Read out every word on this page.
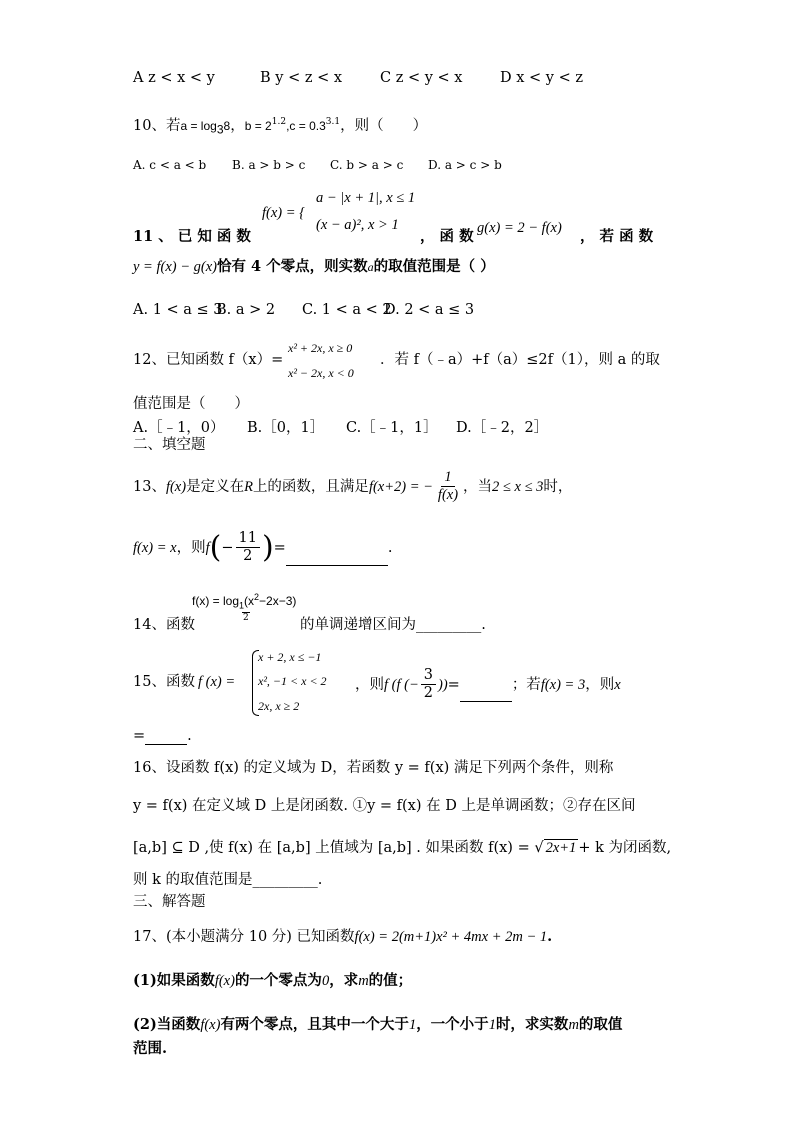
A z < x < y	B y < z < x	C z < y < x	D x < y < z
10、若$a = \log_38$，$b = 2^{1.2},c = 0.3^{3.1}$，则（　　）
A. c < a < b B. a > b > c C. b > a > c D. a > c > b
f(x) = {
a − |x + 1|, x ≤ 1
(x − a)², x > 1
11 、 已 知 函 数	， 函 数 g(x) = 2 − f(x) ， 若 函 数
y = f(x) − g(x)恰有 4 个零点，则实数a的取值范围是（ ）
A. 1 < a ≤ 3
B. a > 2 C. 1 < a < 2
D. 2 < a ≤ 3
12、已知函数 f（x）=
x² + 2x, x ≥ 0
x² − 2x, x < 0
．若 f（﹣a）+f（a）≤2f（1），则 a 的取
值范围是（　　）
A.［﹣1，0） B.［0，1］ C.［﹣1，1］ D.［﹣2，2］
二、填空题
13、f(x)是定义在R上的函数，且满足f(x+2) = − $\frac{1}{f(x)}$ ，当2 ≤ x ≤ 3时，
f(x) = x，则$f(- \frac{11}{2}$ )=	.
$f(x) = \log_1(x^2-2x-3)$
2
14、函数	的单调递增区间为_________.
15、函数 f (x) =
x + 2, x ≤ −1
x², −1 < x < 2
2x, x ≥ 2
，则f (f (− $\frac{3}{2}$ ))=	；若f(x) = 3，则x
=	.
16、设函数 f(x) 的定义域为 D，若函数 y = f(x) 满足下列两个条件，则称
y = f(x) 在定义域 D 上是闭函数. ①y = f(x) 在 D 上是单调函数；②存在区间
[a,b] ⊆ D ,使 f(x) 在 [a,b] 上值域为 [a,b] . 如果函数 f(x) = √ 2x+1 + k 为闭函数,
则 k 的取值范围是_________.
三、解答题
17、(本小题满分 10 分) 已知函数f(x) = 2(m+1)x² + 4mx + 2m − 1.
(1)如果函数f(x)的一个零点为0，求m的值；
(2)当函数f(x)有两个零点，且其中一个大于1，一个小于1时，求实数m的取值
范围.
